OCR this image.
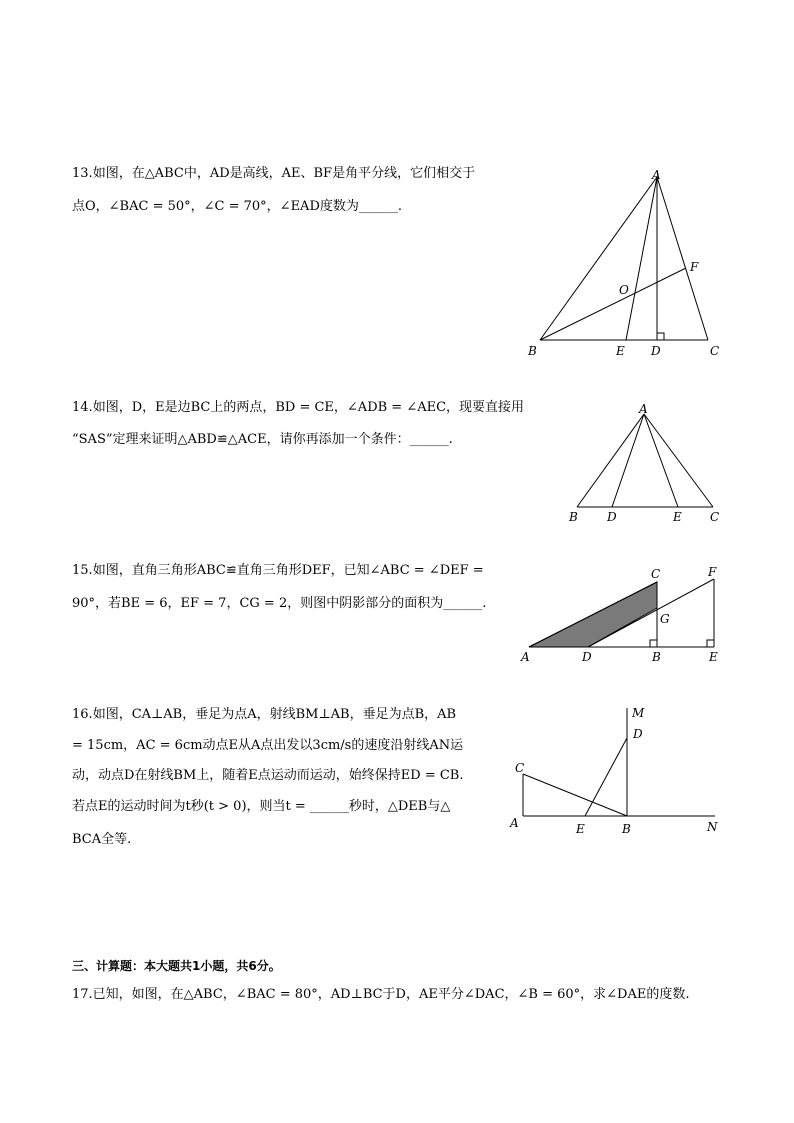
13.如图，在△ABC中，AD是高线，AE、BF是角平分线，它们相交于
点O，∠BAC = 50°，∠C = 70°，∠EAD度数为______.
A
B	C
D
E
F
O
14.如图，D，E是边BC上的两点，BD = CE，∠ADB = ∠AEC，现要直接用
“SAS”定理来证明△ABD≌△ACE，请你再添加一个条件：______.
A
B D	E C
15.如图，直角三角形ABC≌直角三角形DEF，已知∠ABC = ∠DEF =
90°，若BE = 6，EF = 7，CG = 2，则图中阴影部分的面积为______.
C	F
G
A	D	B	E
16.如图，CA⊥AB，垂足为点A，射线BM⊥AB，垂足为点B，AB
= 15cm，AC = 6cm动点E从A点出发以3cm/s的速度沿射线AN运
动，动点D在射线BM上，随着E点运动而运动，始终保持ED = CB.
若点E的运动时间为t秒(t > 0)，则当t = ______秒时，△DEB与△
BCA全等.
M
D
C
A	E	B	N
三、计算题：本大题共1小题，共6分。
17.已知，如图，在△ABC，∠BAC = 80°，AD⊥BC于D，AE平分∠DAC，∠B = 60°，求∠DAE的度数.
